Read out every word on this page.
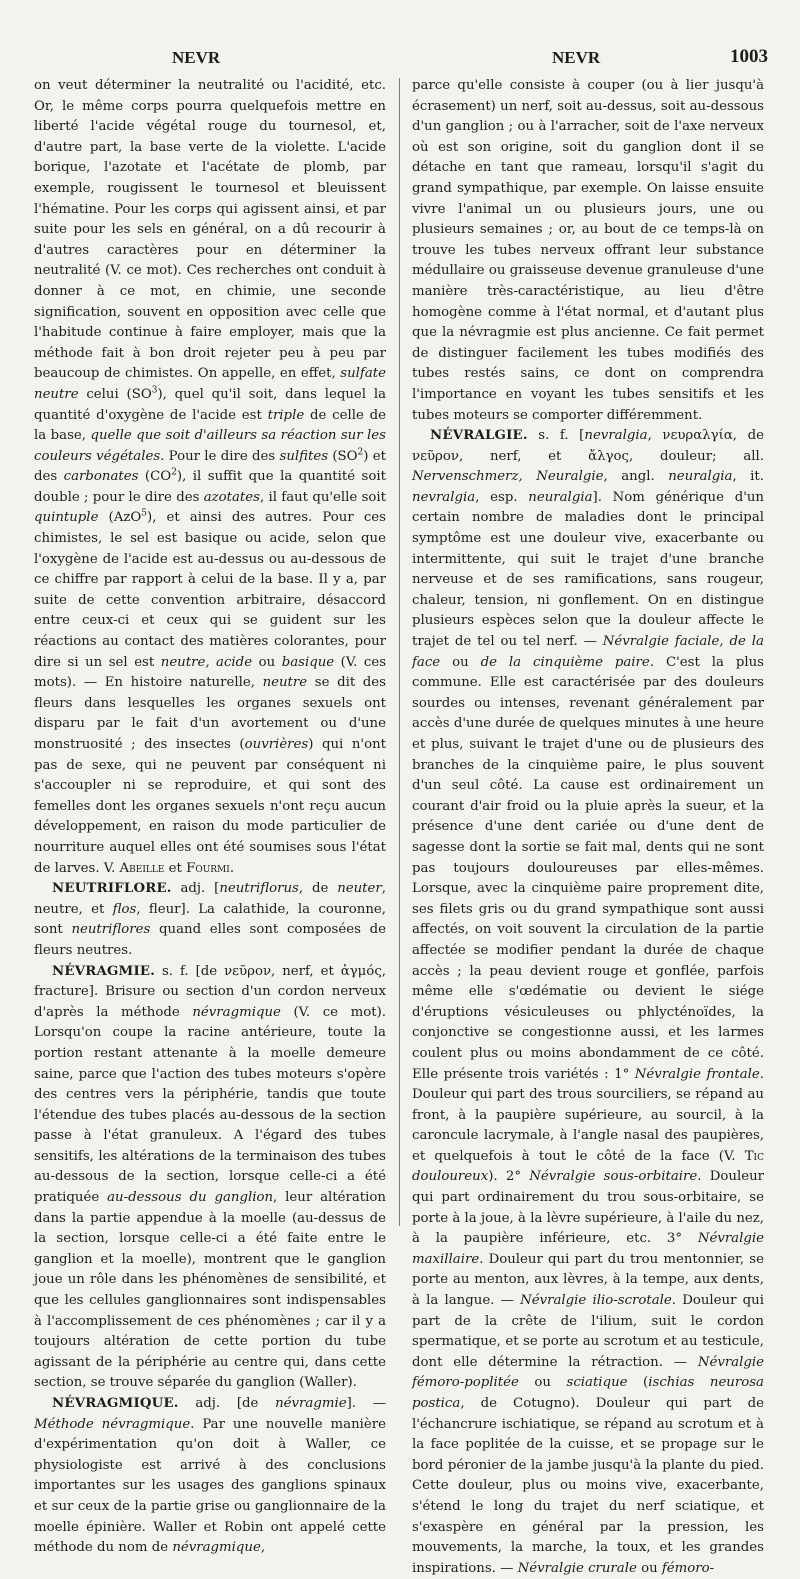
NEVR	NEVR	1003

on veut déterminer la neutralité ou l'acidité, etc. Or, le même corps pourra quelquefois mettre en liberté l'acide végétal rouge du tournesol, et, d'autre part, la base verte de la violette. L'acide borique, l'azotate et l'acétate de plomb, par exemple, rougissent le tournesol et bleuissent l'hématine. Pour les corps qui agissent ainsi, et par suite pour les sels en général, on a dû recourir à d'autres caractères pour en déterminer la neutralité (V. ce mot). Ces recherches ont conduit à donner à ce mot, en chimie, une seconde signification, souvent en opposition avec celle que l'habitude continue à faire employer, mais que la méthode fait à bon droit rejeter peu à peu par beaucoup de chimistes. On appelle, en effet, sulfate neutre celui $(SO^3)$, quel qu'il soit, dans lequel la quantité d'oxygène de l'acide est triple de celle de la base, quelle que soit d'ailleurs sa réaction sur les couleurs végétales. Pour le dire des sulfites $(SO^2)$ et des carbonates $(CO^2)$, il suffit que la quantité soit double ; pour le dire des azotates, il faut qu'elle soit quintuple (AzO$^5$), et ainsi des autres. Pour ces chimistes, le sel est basique ou acide, selon que l'oxygène de l'acide est au-dessus ou au-dessous de ce chiffre par rapport à celui de la base. Il y a, par suite de cette convention arbitraire, désaccord entre ceux-ci et ceux qui se guident sur les réactions au contact des matières colorantes, pour dire si un sel est neutre, acide ou basique (V. ces mots). — En histoire naturelle, neutre se dit des fleurs dans lesquelles les organes sexuels ont disparu par le fait d'un avortement ou d'une monstruosité ; des insectes (ouvrières) qui n'ont pas de sexe, qui ne peuvent par conséquent ni s'accoupler ni se reproduire, et qui sont des femelles dont les organes sexuels n'ont reçu aucun développement, en raison du mode particulier de nourriture auquel elles ont été soumises sous l'état de larves. V. Abeille et Fourmi.

NEUTRIFLORE. adj. [neutriflorus, de neuter, neutre, et flos, fleur]. La calathide, la couronne, sont neutriflores quand elles sont composées de fleurs neutres.

NÉVRAGMIE. s. f. [de νεῦρον, nerf, et ἀγμός, fracture]. Brisure ou section d'un cordon nerveux d'après la méthode névragmique (V. ce mot). Lorsqu'on coupe la racine antérieure, toute la portion restant attenante à la moelle demeure saine, parce que l'action des tubes moteurs s'opère des centres vers la périphérie, tandis que toute l'étendue des tubes placés au-dessous de la section passe à l'état granuleux. A l'égard des tubes sensitifs, les altérations de la terminaison des tubes au-dessous de la section, lorsque celle-ci a été pratiquée au-dessous du ganglion, leur altération dans la partie appendue à la moelle (au-dessus de la section, lorsque celle-ci a été faite entre le ganglion et la moelle), montrent que le ganglion joue un rôle dans les phénomènes de sensibilité, et que les cellules ganglionnaires sont indispensables à l'accomplissement de ces phénomènes ; car il y a toujours altération de cette portion du tube agissant de la périphérie au centre qui, dans cette section, se trouve séparée du ganglion (Waller).

NÉVRAGMIQUE. adj. [de névragmie]. — Méthode névragmique. Par une nouvelle manière d'expérimentation qu'on doit à Waller, ce physiologiste est arrivé à des conclusions importantes sur les usages des ganglions spinaux et sur ceux de la partie grise ou ganglionnaire de la moelle épinière. Waller et Robin ont appelé cette méthode du nom de névragmique,

parce qu'elle consiste à couper (ou à lier jusqu'à écrasement) un nerf, soit au-dessus, soit au-dessous d'un ganglion ; ou à l'arracher, soit de l'axe nerveux où est son origine, soit du ganglion dont il se détache en tant que rameau, lorsqu'il s'agit du grand sympathique, par exemple. On laisse ensuite vivre l'animal un ou plusieurs jours, une ou plusieurs semaines ; or, au bout de ce temps-là on trouve les tubes nerveux offrant leur substance médullaire ou graisseuse devenue granuleuse d'une manière très-caractéristique, au lieu d'être homogène comme à l'état normal, et d'autant plus que la névragmie est plus ancienne. Ce fait permet de distinguer facilement les tubes modifiés des tubes restés sains, ce dont on comprendra l'importance en voyant les tubes sensitifs et les tubes moteurs se comporter différemment.

NÉVRALGIE. s. f. [nevralgia, νευραλγία, de νεῦρον, nerf, et ἄλγος, douleur; all. Nervenschmerz, Neuralgie, angl. neuralgia, it. nevralgia, esp. neuralgia]. Nom générique d'un certain nombre de maladies dont le principal symptôme est une douleur vive, exacerbante ou intermittente, qui suit le trajet d'une branche nerveuse et de ses ramifications, sans rougeur, chaleur, tension, ni gonflement. On en distingue plusieurs espèces selon que la douleur affecte le trajet de tel ou tel nerf. — Névralgie faciale, de la face ou de la cinquième paire. C'est la plus commune. Elle est caractérisée par des douleurs sourdes ou intenses, revenant généralement par accès d'une durée de quelques minutes à une heure et plus, suivant le trajet d'une ou de plusieurs des branches de la cinquième paire, le plus souvent d'un seul côté. La cause est ordinairement un courant d'air froid ou la pluie après la sueur, et la présence d'une dent cariée ou d'une dent de sagesse dont la sortie se fait mal, dents qui ne sont pas toujours douloureuses par elles-mêmes. Lorsque, avec la cinquième paire proprement dite, ses filets gris ou du grand sympathique sont aussi affectés, on voit souvent la circulation de la partie affectée se modifier pendant la durée de chaque accès ; la peau devient rouge et gonflée, parfois même elle s'œdématie ou devient le siége d'éruptions vésiculeuses ou phlycténoïdes, la conjonctive se congestionne aussi, et les larmes coulent plus ou moins abondamment de ce côté. Elle présente trois variétés : 1° Névralgie frontale. Douleur qui part des trous sourciliers, se répand au front, à la paupière supérieure, au sourcil, à la caroncule lacrymale, à l'angle nasal des paupières, et quelquefois à tout le côté de la face (V. Tic douloureux). 2° Névralgie sous-orbitaire. Douleur qui part ordinairement du trou sous-orbitaire, se porte à la joue, à la lèvre supérieure, à l'aile du nez, à la paupière inférieure, etc. 3° Névralgie maxillaire. Douleur qui part du trou mentonnier, se porte au menton, aux lèvres, à la tempe, aux dents, à la langue. — Névralgie ilio-scrotale. Douleur qui part de la crête de l'ilium, suit le cordon spermatique, et se porte au scrotum et au testicule, dont elle détermine la rétraction. — Névralgie fémoro-poplitée ou sciatique (ischias neurosa postica, de Cotugno). Douleur qui part de l'échancrure ischiatique, se répand au scrotum et à la face poplitée de la cuisse, et se propage sur le bord péronier de la jambe jusqu'à la plante du pied. Cette douleur, plus ou moins vive, exacerbante, s'étend le long du trajet du nerf sciatique, et s'exaspère en général par la pression, les mouvements, la marche, la toux, et les grandes inspirations. — Névralgie crurale ou fémoro-
